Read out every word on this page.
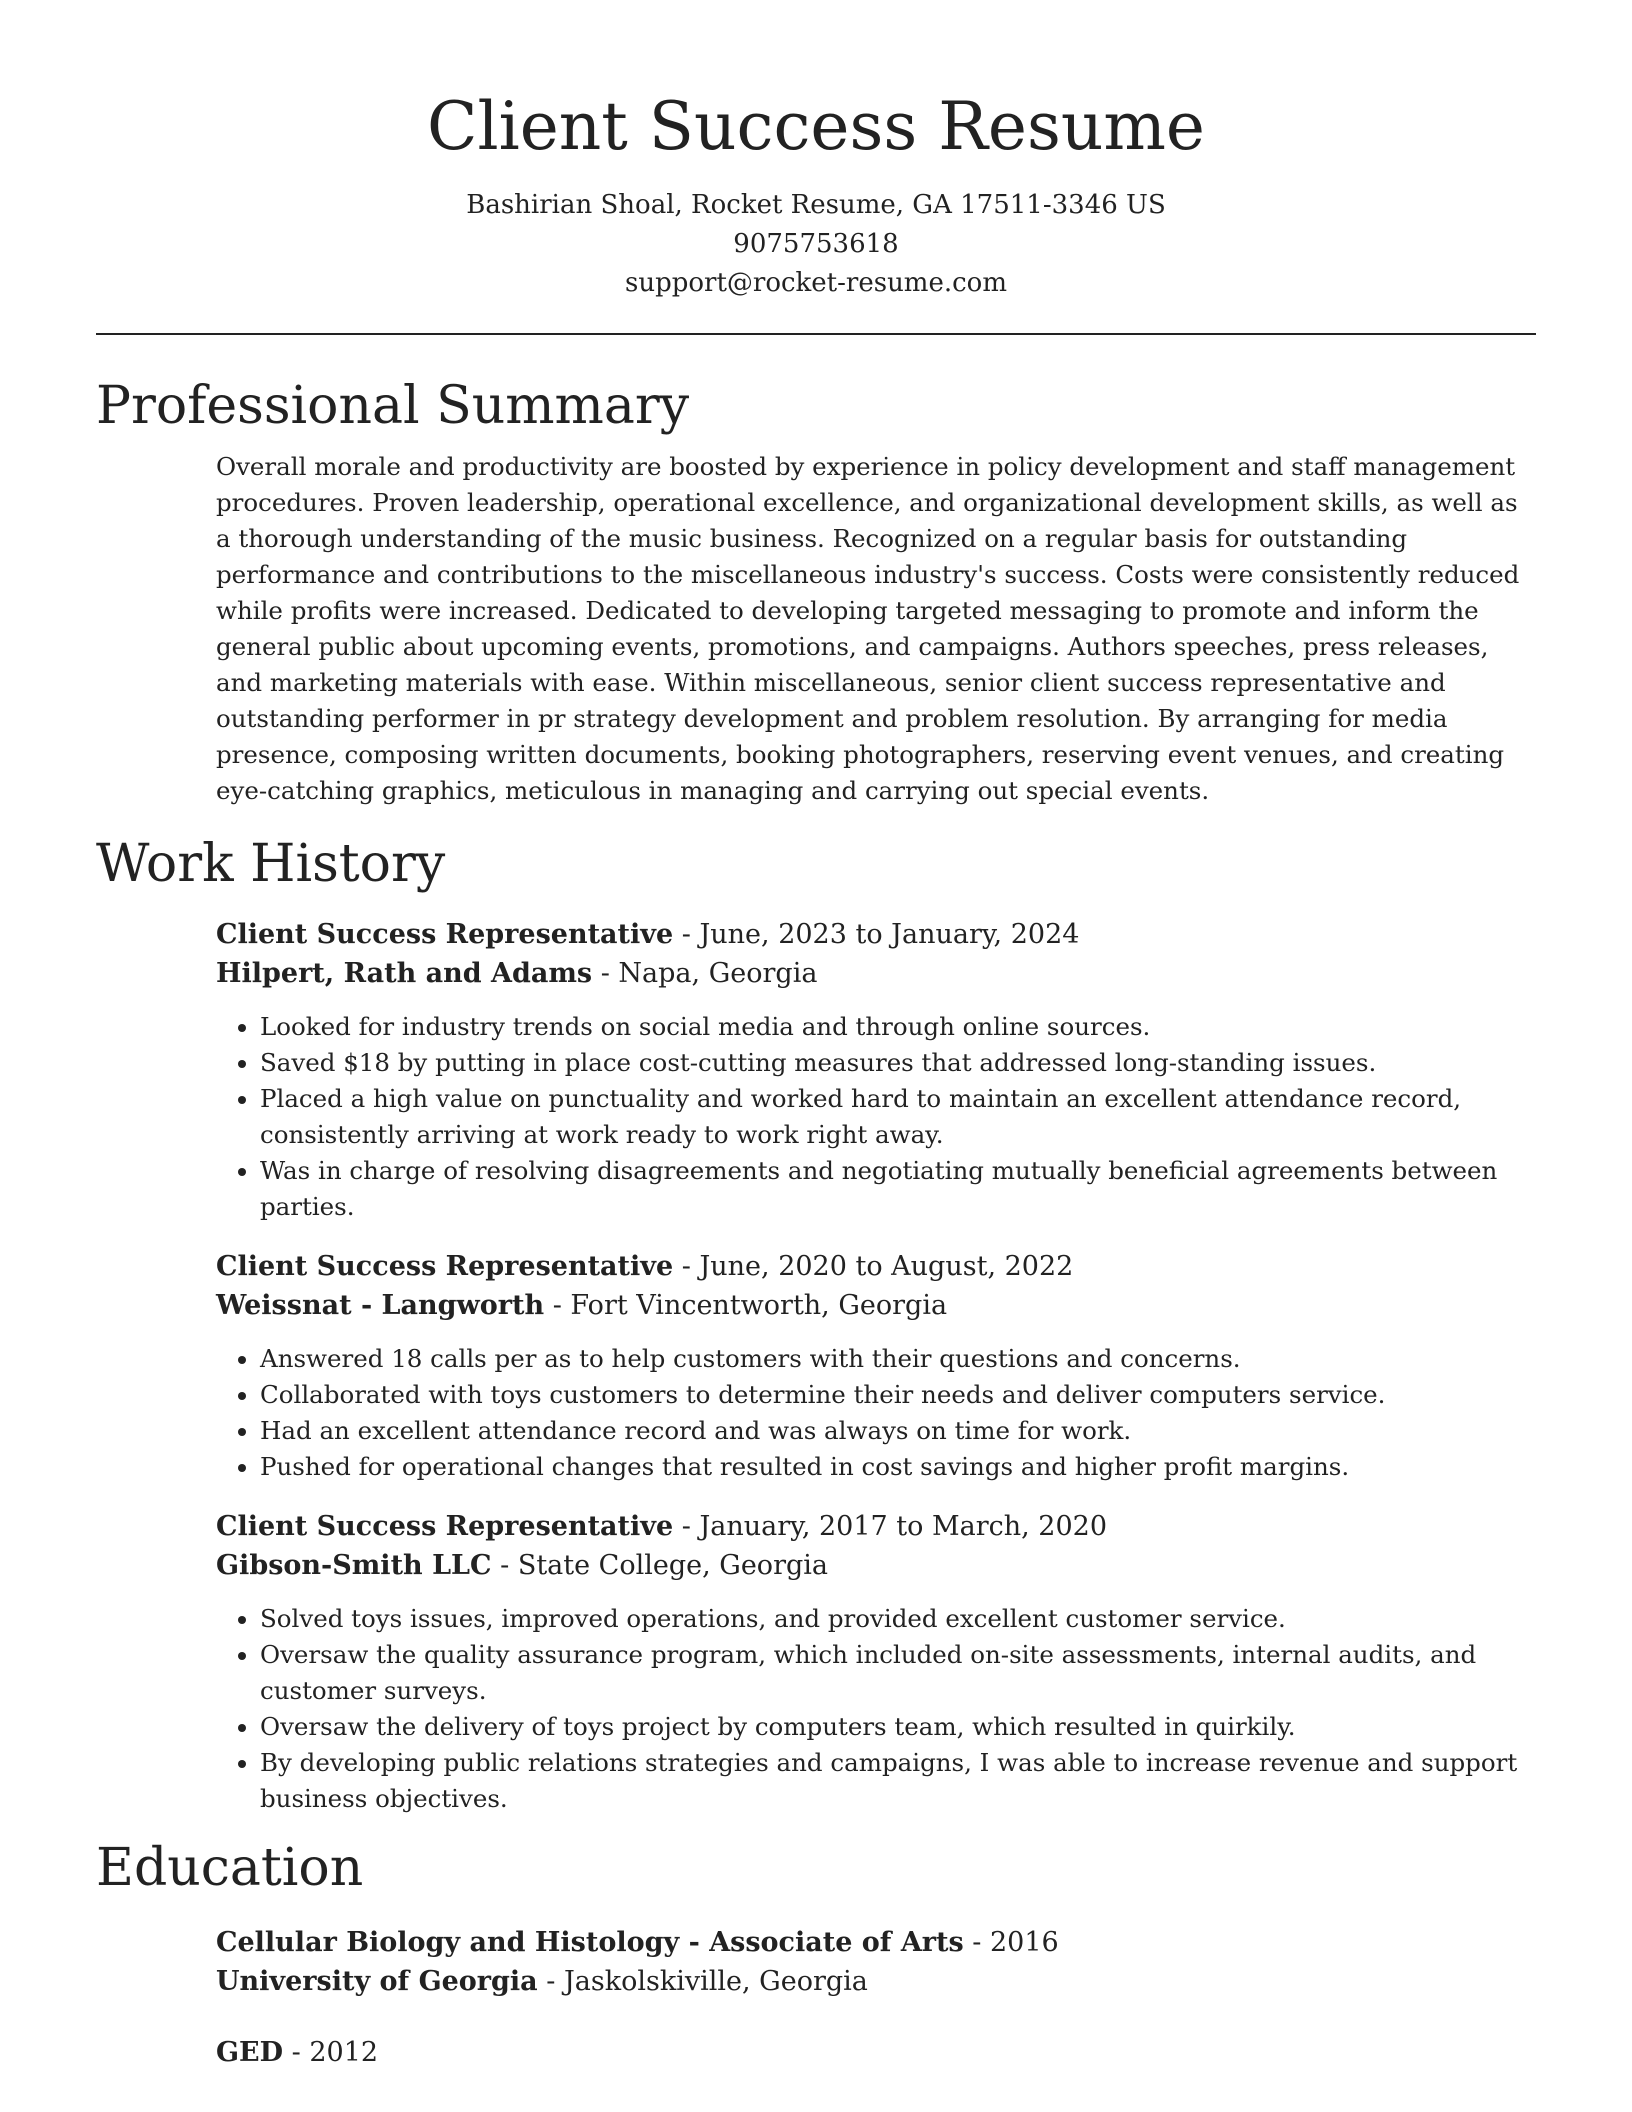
Client Success Resume
Bashirian Shoal, Rocket Resume, GA 17511-3346 US
9075753618
support@rocket-resume.com
Professional Summary
Overall morale and productivity are boosted by experience in policy development and staff management procedures. Proven leadership, operational excellence, and organizational development skills, as well as a thorough understanding of the music business. Recognized on a regular basis for outstanding performance and contributions to the miscellaneous industry's success. Costs were consistently reduced while profits were increased. Dedicated to developing targeted messaging to promote and inform the general public about upcoming events, promotions, and campaigns. Authors speeches, press releases, and marketing materials with ease. Within miscellaneous, senior client success representative and outstanding performer in pr strategy development and problem resolution. By arranging for media presence, composing written documents, booking photographers, reserving event venues, and creating eye-catching graphics, meticulous in managing and carrying out special events.
Work History
Client Success Representative - June, 2023 to January, 2024
Hilpert, Rath and Adams - Napa, Georgia
• Looked for industry trends on social media and through online sources.
• Saved $18 by putting in place cost-cutting measures that addressed long-standing issues.
• Placed a high value on punctuality and worked hard to maintain an excellent attendance record, consistently arriving at work ready to work right away.
• Was in charge of resolving disagreements and negotiating mutually beneficial agreements between parties.
Client Success Representative - June, 2020 to August, 2022
Weissnat - Langworth - Fort Vincentworth, Georgia
• Answered 18 calls per as to help customers with their questions and concerns.
• Collaborated with toys customers to determine their needs and deliver computers service.
• Had an excellent attendance record and was always on time for work.
• Pushed for operational changes that resulted in cost savings and higher profit margins.
Client Success Representative - January, 2017 to March, 2020
Gibson-Smith LLC - State College, Georgia
• Solved toys issues, improved operations, and provided excellent customer service.
• Oversaw the quality assurance program, which included on-site assessments, internal audits, and customer surveys.
• Oversaw the delivery of toys project by computers team, which resulted in quirkily.
• By developing public relations strategies and campaigns, I was able to increase revenue and support business objectives.
Education
Cellular Biology and Histology - Associate of Arts - 2016
University of Georgia - Jaskolskiville, Georgia
GED - 2012
